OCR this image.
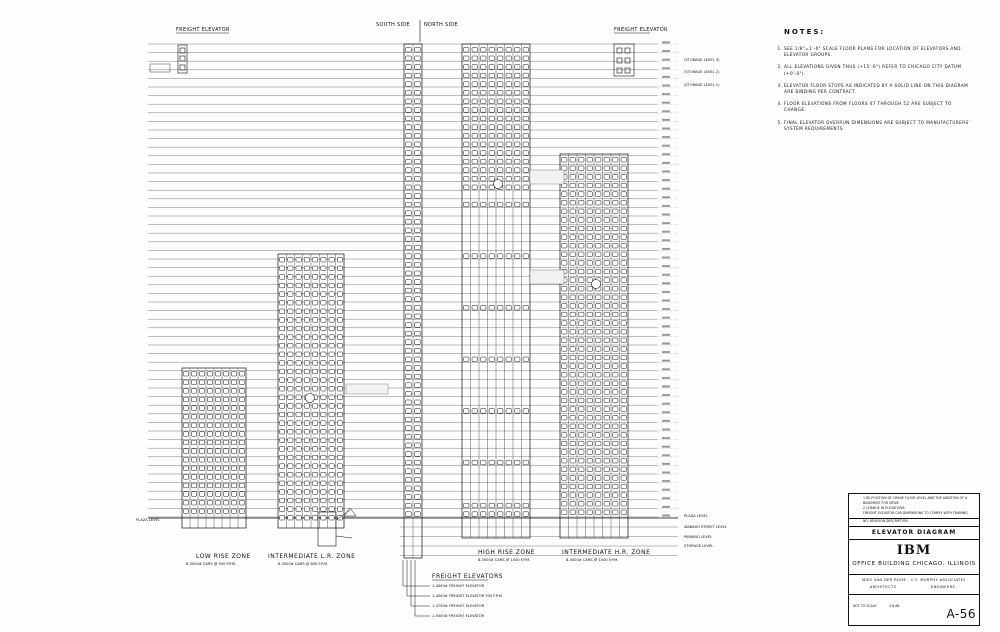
FREIGHT ELEVATOR	FREIGHT ELEVATOR
SOUTH SIDE	NORTH SIDE
(STORAGE LEVEL 3)
(STORAGE LEVEL 2)
(STORAGE LEVEL 1)
LOW RISE ZONE
8-3000# CARS @ 500 F.P.M.
INTERMEDIATE L.R. ZONE
8-3000# CARS @ 800 F.P.M.
HIGH RISE ZONE
8-3500# CARS @ 1000 F.P.M.
INTERMEDIATE H.R. ZONE
8-3000# CARS @ 1000 F.P.M.
FREIGHT ELEVATORS
1-4000# FREIGHT ELEVATOR
1-4000# FREIGHT ELEVATOR 700 F.P.M.
1-4750# FREIGHT ELEVATOR
1-5000# FREIGHT ELEVATOR
PLAZA LEVEL
PLAZA LEVEL
WABASH STREET LEVEL
PARKING LEVEL
STORAGE LEVEL
NOTES:
1. SEE 1/8"=1'-0" SCALE FLOOR PLANS FOR LOCATION OF ELEVATORS AND ELEVATOR GROUPS.
2. ALL ELEVATIONS GIVEN THUS (+15'-6") REFER TO CHICAGO CITY DATUM (+0'-0").
3. ELEVATOR FLOOR STOPS AS INDICATED BY A SOLID LINE ON THIS DIAGRAM ARE BINDING PER CONTRACT.
4. FLOOR ELEVATIONS FROM FLOORS 47 THROUGH 52 ARE SUBJECT TO CHANGE.
5. FINAL ELEVATOR OVERRUN DIMENSIONS ARE SUBJECT TO MANUFACTURERS' SYSTEM REQUIREMENTS.
1 RE-POSITION OF CRANE FLOOR LEVEL AND THE ADDITION OF A BASEMENT FOR DRIVE
2 CHANGE IN ELEVATIONS
FREIGHT ELEVATOR CAR DIMENSIONS TO COMPLY WITH FRAMING
NO. REVISION DESCRIPTION
ELEVATOR DIAGRAM
IBM
OFFICE BUILDING CHICAGO, ILLINOIS
MIES VAN DER ROHE - C.F. MURPHY ASSOCIATES
ARCHITECTS	ENGINEERS
NOT TO SCALE	3-6-68
A-56
